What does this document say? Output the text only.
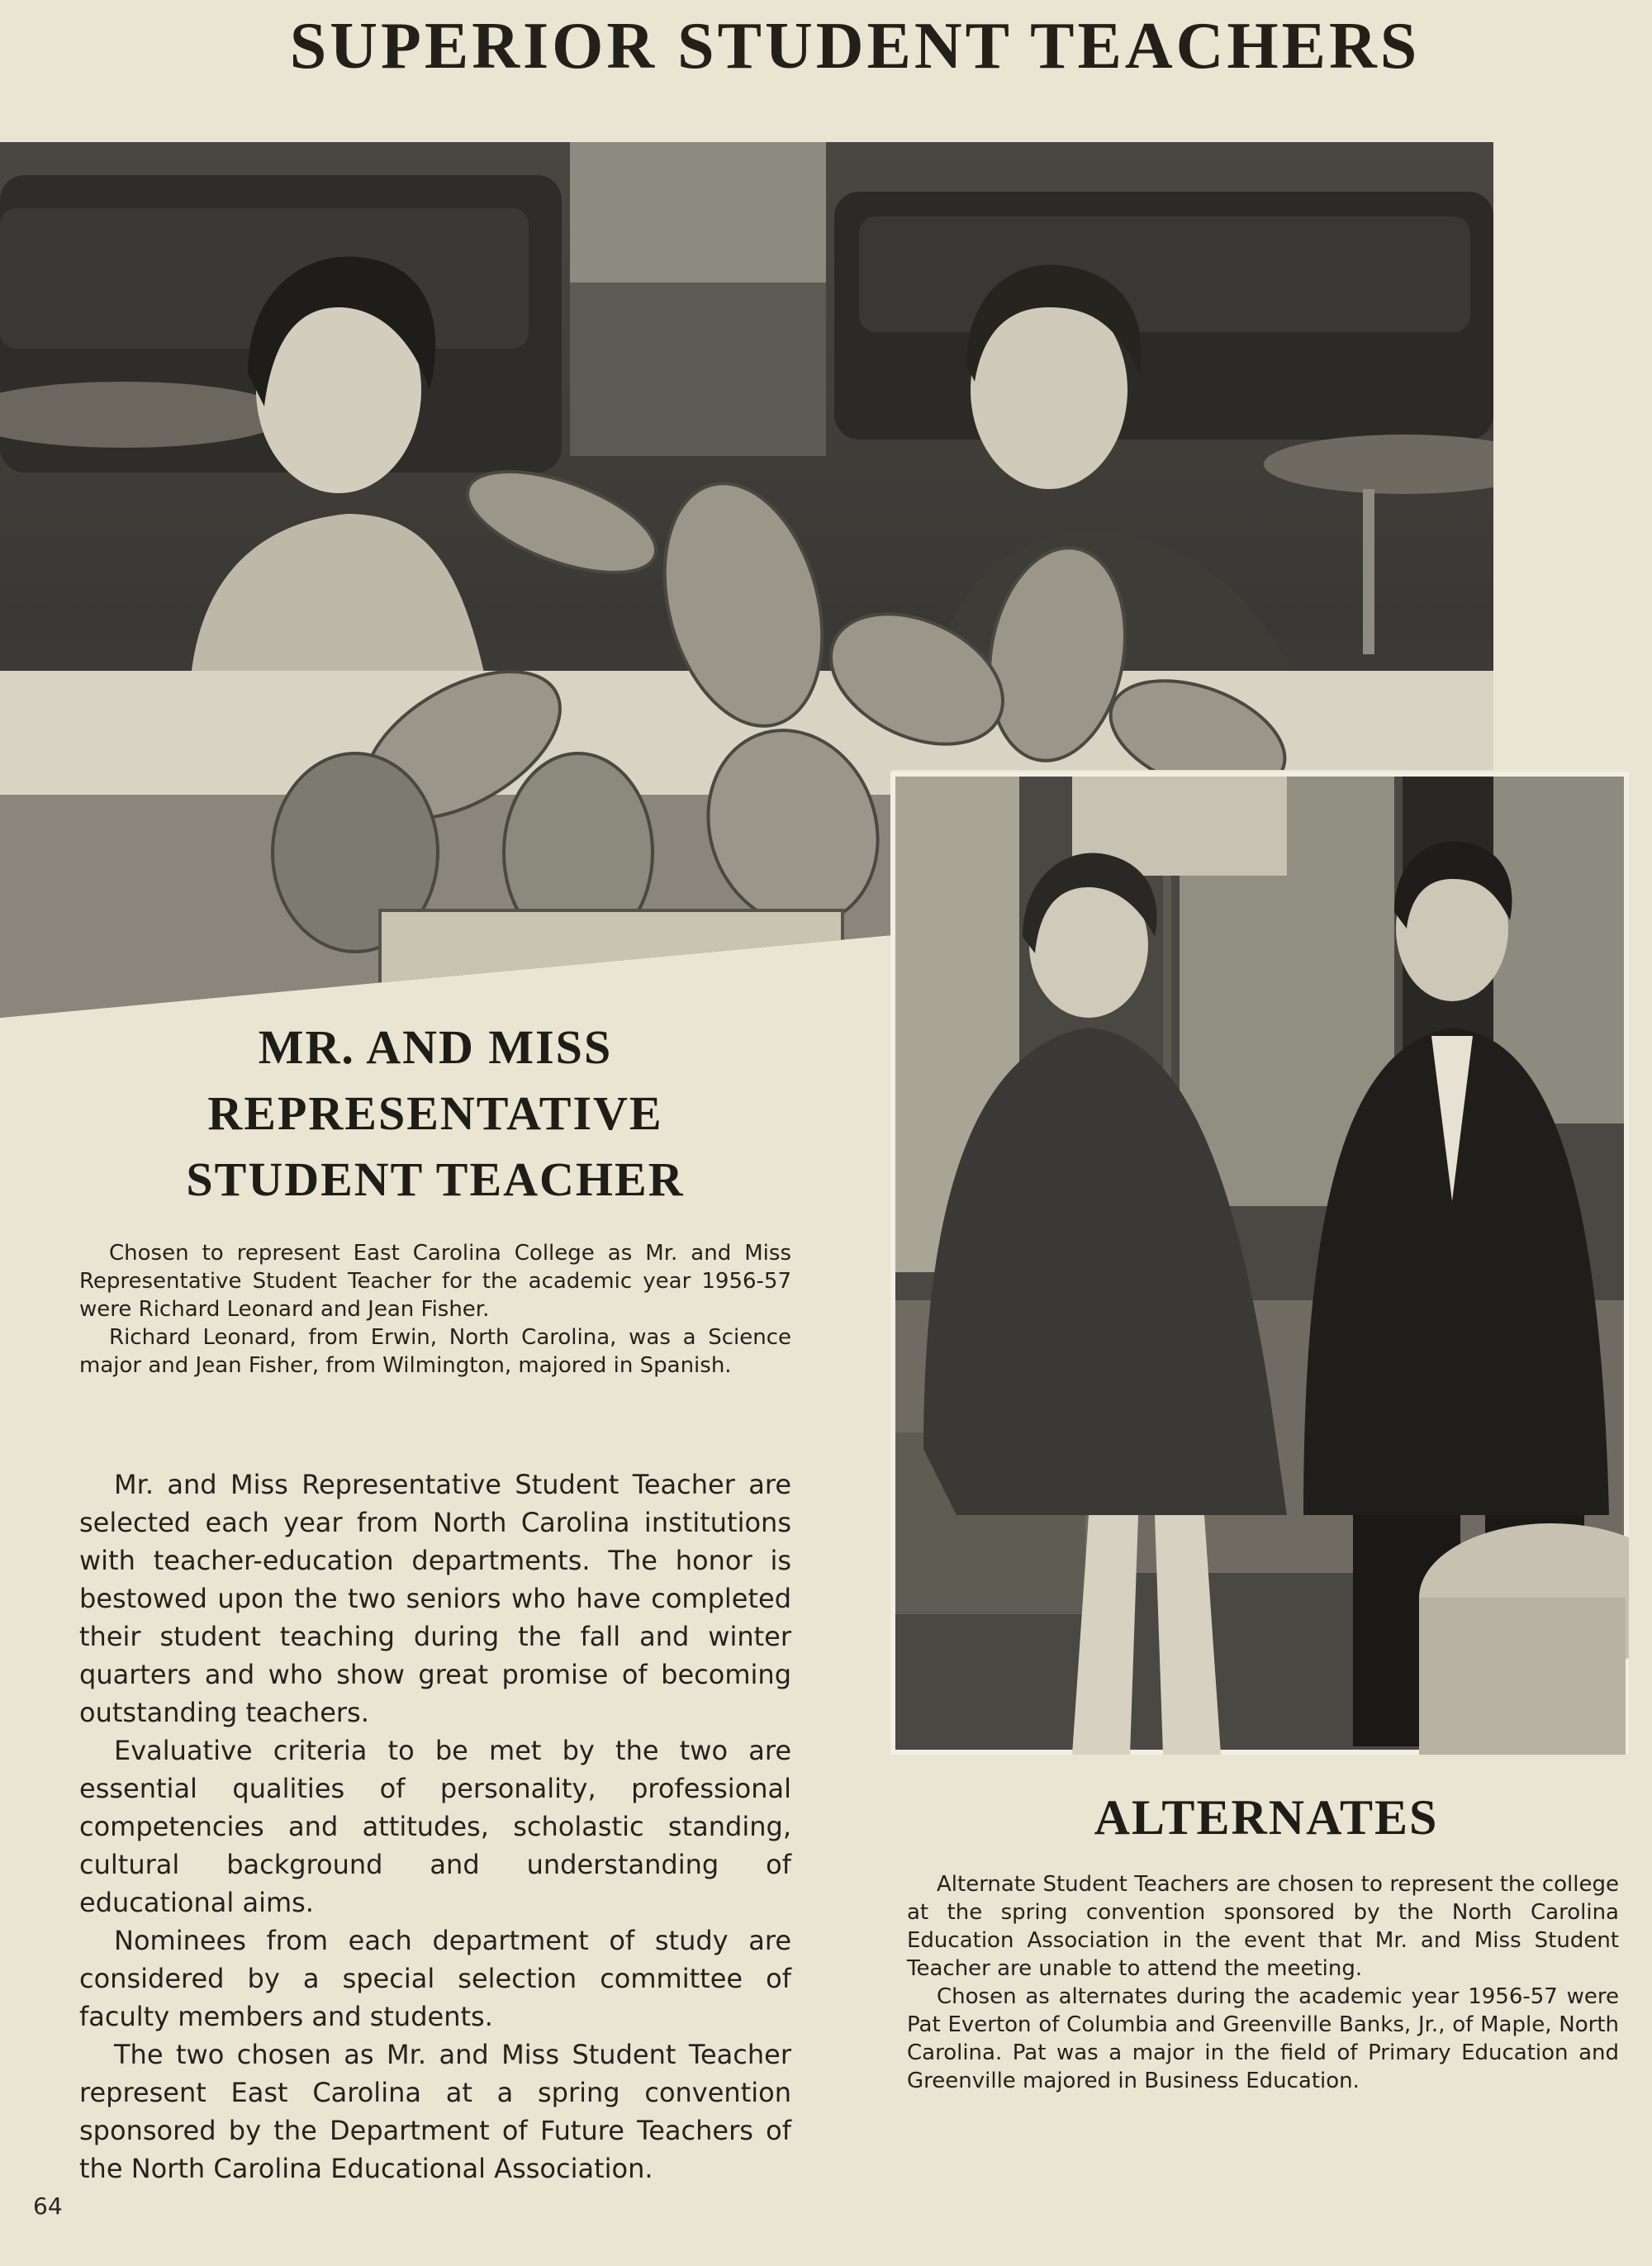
SUPERIOR STUDENT TEACHERS
MR. AND MISS
REPRESENTATIVE
STUDENT TEACHER

Chosen to represent East Carolina College as Mr. and Miss Representative Student Teacher for the academic year 1956-57 were Richard Leonard and Jean Fisher.

Richard Leonard, from Erwin, North Carolina, was a Science major and Jean Fisher, from Wilmington, majored in Spanish.

Mr. and Miss Representative Student Teacher are selected each year from North Carolina institutions with teacher-education departments. The honor is bestowed upon the two seniors who have completed their student teaching during the fall and winter quarters and who show great promise of becoming outstanding teachers.

Evaluative criteria to be met by the two are essential qualities of personality, professional competencies and attitudes, scholastic standing, cultural background and understanding of educational aims.

Nominees from each department of study are considered by a special selection committee of faculty members and students.

The two chosen as Mr. and Miss Student Teacher represent East Carolina at a spring convention sponsored by the Department of Future Teachers of the North Carolina Educational Association.

ALTERNATES

Alternate Student Teachers are chosen to represent the college at the spring convention sponsored by the North Carolina Education Association in the event that Mr. and Miss Student Teacher are unable to attend the meeting.

Chosen as alternates during the academic year 1956-57 were Pat Everton of Columbia and Greenville Banks, Jr., of Maple, North Carolina. Pat was a major in the field of Primary Education and Greenville majored in Business Education.

64
